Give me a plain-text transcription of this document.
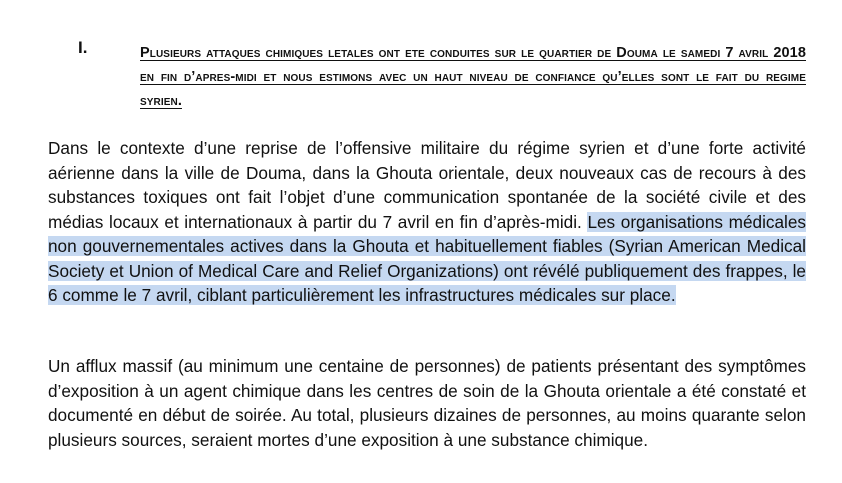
I.	Plusieurs attaques chimiques letales ont ete conduites sur le quartier de Douma le samedi 7 avril 2018 en fin d’apres-midi et nous estimons avec un haut niveau de confiance qu’elles sont le fait du regime syrien.
Dans le contexte d’une reprise de l’offensive militaire du régime syrien et d’une forte activité aérienne dans la ville de Douma, dans la Ghouta orientale, deux nouveaux cas de recours à des substances toxiques ont fait l’objet d’une communication spontanée de la société civile et des médias locaux et internationaux à partir du 7 avril en fin d’après-midi. Les organisations médicales non gouvernementales actives dans la Ghouta et habituellement fiables (Syrian American Medical Society et Union of Medical Care and Relief Organizations) ont révélé publiquement des frappes, le 6 comme le 7 avril, ciblant particulièrement les infrastructures médicales sur place.
Un afflux massif (au minimum une centaine de personnes) de patients présentant des symptômes d’exposition à un agent chimique dans les centres de soin de la Ghouta orientale a été constaté et documenté en début de soirée. Au total, plusieurs dizaines de personnes, au moins quarante selon plusieurs sources, seraient mortes d’une exposition à une substance chimique.
